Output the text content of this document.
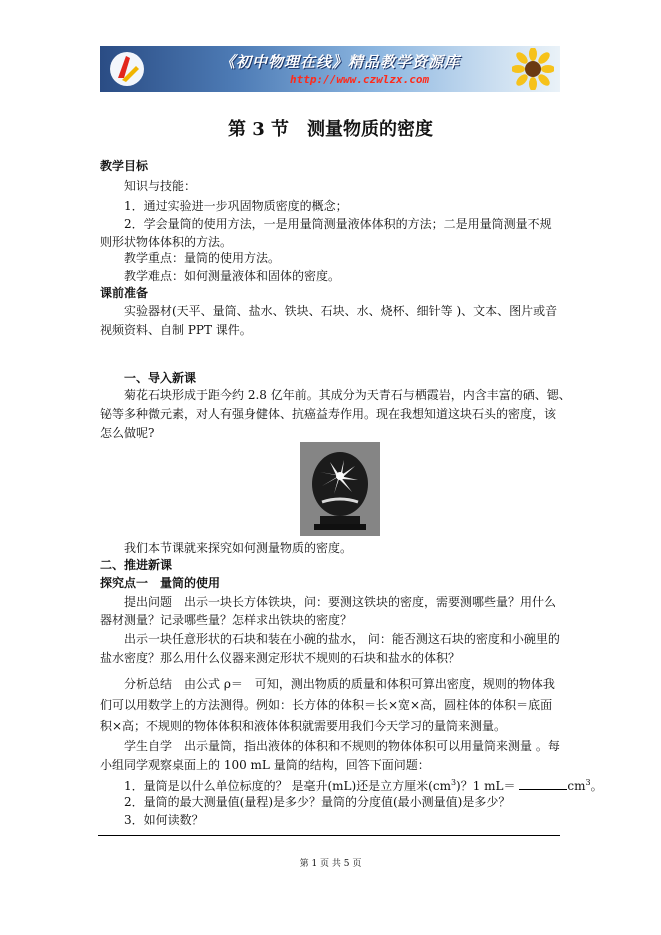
《初中物理在线》精品教学资源库
http://www.czwlzx.com
第 3 节　测量物质的密度
教学目标
知识与技能：
1．通过实验进一步巩固物质密度的概念；
2．学会量筒的使用方法，一是用量筒测量液体体积的方法；二是用量筒测量不规
则形状物体体积的方法。
教学重点：量筒的使用方法。
教学难点：如何测量液体和固体的密度。
课前准备
实验器材(天平、量筒、盐水、铁块、石块、水、烧杯、细针等 )、文本、图片或音
视频资料、自制 PPT 课件。
一、导入新课
菊花石块形成于距今约 2.8 亿年前。其成分为天青石与栖霞岩，内含丰富的硒、锶、
铋等多种微元素，对人有强身健体、抗癌益寿作用。现在我想知道这块石头的密度，该
怎么做呢?
我们本节课就来探究如何测量物质的密度。
二、推进新课
探究点一　量筒的使用
提出问题　出示一块长方体铁块，问：要测这铁块的密度，需要测哪些量？用什么
器材测量？记录哪些量？怎样求出铁块的密度？
出示一块任意形状的石块和装在小碗的盐水， 问：能否测这石块的密度和小碗里的
盐水密度？那么用什么仪器来测定形状不规则的石块和盐水的体积？
分析总结　由公式 ρ＝　可知，测出物质的质量和体积可算出密度，规则的物体我
们可以用数学上的方法测得。例如：长方体的体积＝长×宽×高，圆柱体的体积＝底面
积×高；不规则的物体体积和液体体积就需要用我们今天学习的量筒来测量。
学生自学　出示量筒，指出液体的体积和不规则的物体体积可以用量筒来测量 。每
小组同学观察桌面上的 100 mL 量筒的结构，回答下面问题：
1．量筒是以什么单位标度的？ 是毫升(mL)还是立方厘米$(cm^3)$？1 mL＝	$cm^3$。
2．量筒的最大测量值(量程)是多少？量筒的分度值(最小测量值)是多少？
3．如何读数？
第 1 页 共 5 页
